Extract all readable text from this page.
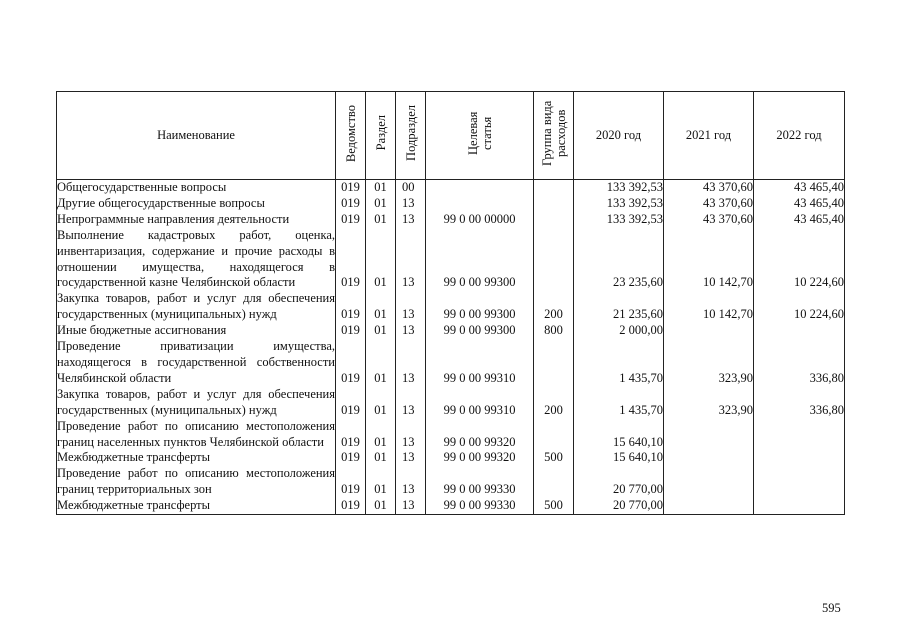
Наименование	Ведомство	Раздел	Подраздел	Целевая статья	Группа вида расходов	2020 год	2021 год	2022 год
Общегосударственные вопросы	019	01	00			133 392,53	43 370,60	43 465,40
Другие общегосударственные вопросы	019	01	13			133 392,53	43 370,60	43 465,40
Непрограммные направления деятельности	019	01	13	99 0 00 00000		133 392,53	43 370,60	43 465,40
Выполнение кадастровых работ, оценка, инвентаризация, содержание и прочие расходы в отношении имущества, находящегося в государственной казне Челябинской области	019	01	13	99 0 00 99300		23 235,60	10 142,70	10 224,60
Закупка товаров, работ и услуг для обеспечения государственных (муниципальных) нужд	019	01	13	99 0 00 99300	200	21 235,60	10 142,70	10 224,60
Иные бюджетные ассигнования	019	01	13	99 0 00 99300	800	2 000,00		
Проведение приватизации имущества, находящегося в государственной собственности Челябинской области	019	01	13	99 0 00 99310		1 435,70	323,90	336,80
Закупка товаров, работ и услуг для обеспечения государственных (муниципальных) нужд	019	01	13	99 0 00 99310	200	1 435,70	323,90	336,80
Проведение работ по описанию местоположения границ населенных пунктов Челябинской области	019	01	13	99 0 00 99320		15 640,10		
Межбюджетные трансферты	019	01	13	99 0 00 99320	500	15 640,10		
Проведение работ по описанию местоположения границ территориальных зон	019	01	13	99 0 00 99330		20 770,00		
Межбюджетные трансферты	019	01	13	99 0 00 99330	500	20 770,00		
595
